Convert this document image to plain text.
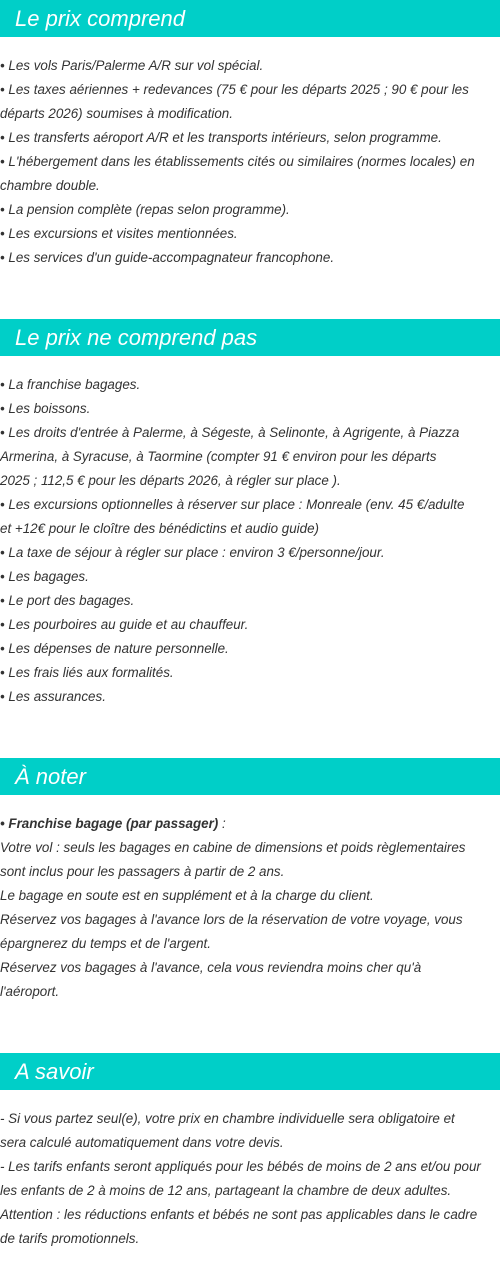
Le prix comprend
• Les vols Paris/Palerme A/R sur vol spécial.
• Les taxes aériennes + redevances (75 € pour les départs 2025 ; 90 € pour les
départs 2026) soumises à modification.
• Les transferts aéroport A/R et les transports intérieurs, selon programme.
• L'hébergement dans les établissements cités ou similaires (normes locales) en
chambre double.
• La pension complète (repas selon programme).
• Les excursions et visites mentionnées.
• Les services d'un guide-accompagnateur francophone.
Le prix ne comprend pas
• La franchise bagages.
• Les boissons.
• Les droits d'entrée à Palerme, à Ségeste, à Selinonte, à Agrigente, à Piazza
Armerina, à Syracuse, à Taormine (compter 91 € environ pour les départs
2025 ; 112,5 € pour les départs 2026, à régler sur place ).
• Les excursions optionnelles à réserver sur place : Monreale (env. 45 €/adulte
et +12€ pour le cloître des bénédictins et audio guide)
• La taxe de séjour à régler sur place : environ 3 €/personne/jour.
• Les bagages.
• Le port des bagages.
• Les pourboires au guide et au chauffeur.
• Les dépenses de nature personnelle.
• Les frais liés aux formalités.
• Les assurances.
À noter
• Franchise bagage (par passager) :
Votre vol : seuls les bagages en cabine de dimensions et poids règlementaires
sont inclus pour les passagers à partir de 2 ans.
Le bagage en soute est en supplément et à la charge du client.
Réservez vos bagages à l'avance lors de la réservation de votre voyage, vous
épargnerez du temps et de l'argent.
Réservez vos bagages à l'avance, cela vous reviendra moins cher qu'à
l'aéroport.
A savoir
- Si vous partez seul(e), votre prix en chambre individuelle sera obligatoire et
sera calculé automatiquement dans votre devis.
- Les tarifs enfants seront appliqués pour les bébés de moins de 2 ans et/ou pour
les enfants de 2 à moins de 12 ans, partageant la chambre de deux adultes.
Attention : les réductions enfants et bébés ne sont pas applicables dans le cadre
de tarifs promotionnels.
